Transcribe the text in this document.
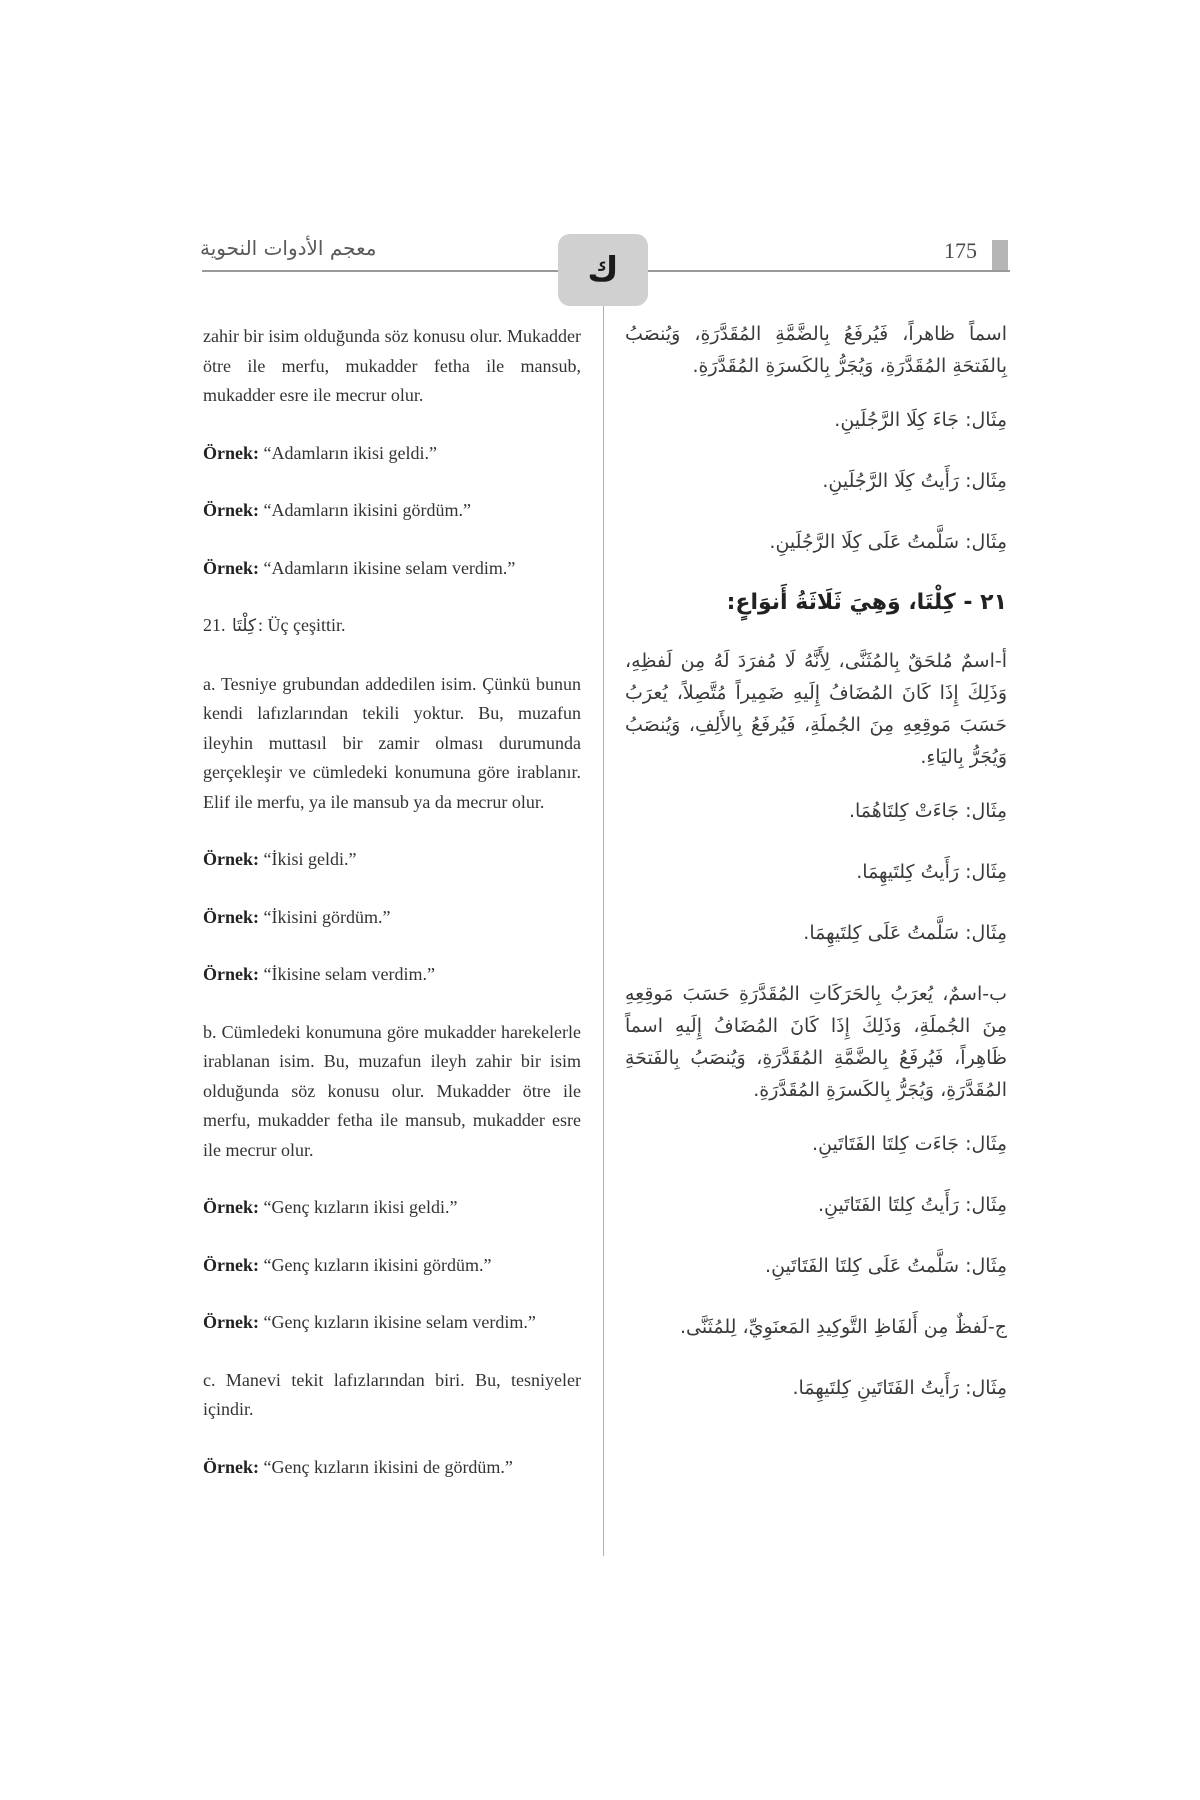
معجم الأدوات النحوية
ك	175

zahir bir isim olduğunda söz konusu olur. Mukadder ötre ile merfu, mukadder fetha ile mansub, mukadder esre ile mecrur olur.

Örnek: “Adamların ikisi geldi.”

Örnek: “Adamların ikisini gördüm.”

Örnek: “Adamların ikisine selam verdim.”

21. كِلْتَا : Üç çeşittir.

a. Tesniye grubundan addedilen isim. Çünkü bunun kendi lafızlarından tekili yoktur. Bu, muzafun ileyhin muttasıl bir zamir olması durumunda gerçekleşir ve cümledeki konumuna göre irablanır. Elif ile merfu, ya ile mansub ya da mecrur olur.

Örnek: “İkisi geldi.”

Örnek: “İkisini gördüm.”

Örnek: “İkisine selam verdim.”

b. Cümledeki konumuna göre mukadder harekelerle irablanan isim. Bu, muzafun ileyh zahir bir isim olduğunda söz konusu olur. Mukadder ötre ile merfu, mukadder fetha ile mansub, mukadder esre ile mecrur olur.

Örnek: “Genç kızların ikisi geldi.”

Örnek: “Genç kızların ikisini gördüm.”

Örnek: “Genç kızların ikisine selam verdim.”

c. Manevi tekit lafızlarından biri. Bu, tesniyeler içindir.

Örnek: “Genç kızların ikisini de gördüm.”

اسماً ظاهراً، فَيُرفَعُ بِالضَّمَّةِ المُقَدَّرَةِ، وَيُنصَبُ بِالفَتحَةِ المُقَدَّرَةِ، وَيُجَرُّ بِالكَسرَةِ المُقَدَّرَةِ.

مِثَال: جَاءَ كِلَا الرَّجُلَينِ.

مِثَال: رَأَيتُ كِلَا الرَّجُلَينِ.

مِثَال: سَلَّمتُ عَلَى كِلَا الرَّجُلَينِ.

٢١ - كِلْتَا، وَهِيَ ثَلَاثَةُ أَنوَاعٍ:

أ-اسمٌ مُلحَقٌ بِالمُثَنَّى، لِأَنَّهُ لَا مُفرَدَ لَهُ مِن لَفظِهِ، وَذَلِكَ إِذَا كَانَ المُضَافُ إِلَيهِ ضَمِيراً مُتَّصِلاً، يُعرَبُ حَسَبَ مَوقِعِهِ مِنَ الجُملَةِ، فَيُرفَعُ بِالأَلِفِ، وَيُنصَبُ وَيُجَرُّ بِاليَاءِ.

مِثَال: جَاءَتْ كِلتَاهُمَا.

مِثَال: رَأَيتُ كِلتَيهِمَا.

مِثَال: سَلَّمتُ عَلَى كِلتَيهِمَا.

ب-اسمٌ، يُعرَبُ بِالحَرَكَاتِ المُقَدَّرَةِ حَسَبَ مَوقِعِهِ مِنَ الجُملَةِ، وَذَلِكَ إِذَا كَانَ المُضَافُ إِلَيهِ اسماً ظَاهِراً، فَيُرفَعُ بِالضَّمَّةِ المُقَدَّرَةِ، وَيُنصَبُ بِالفَتحَةِ المُقَدَّرَةِ، وَيُجَرُّ بِالكَسرَةِ المُقَدَّرَةِ.

مِثَال: جَاءَت كِلتَا الفَتَاتَينِ.

مِثَال: رَأَيتُ كِلتَا الفَتَاتَينِ.

مِثَال: سَلَّمتُ عَلَى كِلتَا الفَتَاتَينِ.

ج-لَفظٌ مِن أَلفَاظِ التَّوكِيدِ المَعنَوِيِّ، لِلمُثَنَّى.

مِثَال: رَأَيتُ الفَتَاتَينِ كِلتَيهِمَا.
